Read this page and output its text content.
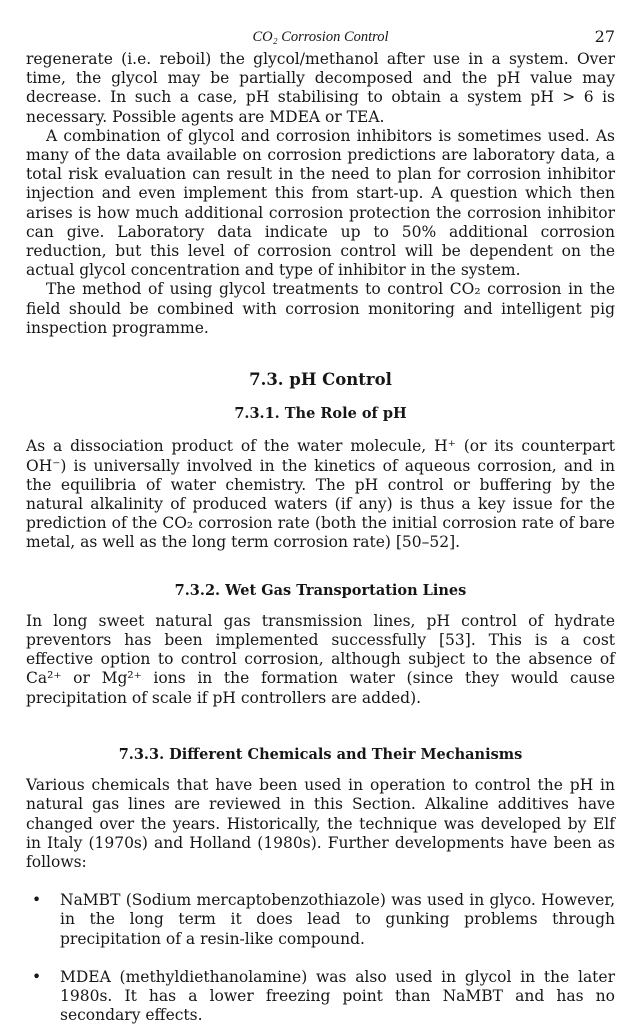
CO₂ Corrosion Control	27

regenerate (i.e. reboil) the glycol/methanol after use in a system. Over time, the glycol may be partially decomposed and the pH value may decrease. In such a case, pH stabilising to obtain a system pH > 6 is necessary. Possible agents are MDEA or TEA.

A combination of glycol and corrosion inhibitors is sometimes used. As many of the data available on corrosion predictions are laboratory data, a total risk evaluation can result in the need to plan for corrosion inhibitor injection and even implement this from start-up. A question which then arises is how much additional corrosion protection the corrosion inhibitor can give. Laboratory data indicate up to 50% additional corrosion reduction, but this level of corrosion control will be dependent on the actual glycol concentration and type of inhibitor in the system.

The method of using glycol treatments to control CO₂ corrosion in the field should be combined with corrosion monitoring and intelligent pig inspection programme.

7.3. pH Control
7.3.1. The Role of pH

As a dissociation product of the water molecule, H⁺ (or its counterpart OH⁻) is universally involved in the kinetics of aqueous corrosion, and in the equilibria of water chemistry. The pH control or buffering by the natural alkalinity of produced waters (if any) is thus a key issue for the prediction of the CO₂ corrosion rate (both the initial corrosion rate of bare metal, as well as the long term corrosion rate) [50–52].

7.3.2. Wet Gas Transportation Lines

In long sweet natural gas transmission lines, pH control of hydrate preventors has been implemented successfully [53]. This is a cost effective option to control corrosion, although subject to the absence of Ca²⁺ or Mg²⁺ ions in the formation water (since they would cause precipitation of scale if pH controllers are added).

7.3.3. Different Chemicals and Their Mechanisms

Various chemicals that have been used in operation to control the pH in natural gas lines are reviewed in this Section. Alkaline additives have changed over the years. Historically, the technique was developed by Elf in Italy (1970s) and Holland (1980s). Further developments have been as follows:

• NaMBT (Sodium mercaptobenzothiazole) was used in glyco. However, in the long term it does lead to gunking problems through precipitation of a resin-like compound.
• MDEA (methyldiethanolamine) was also used in glycol in the later 1980s. It has a lower freezing point than NaMBT and has no secondary effects.
